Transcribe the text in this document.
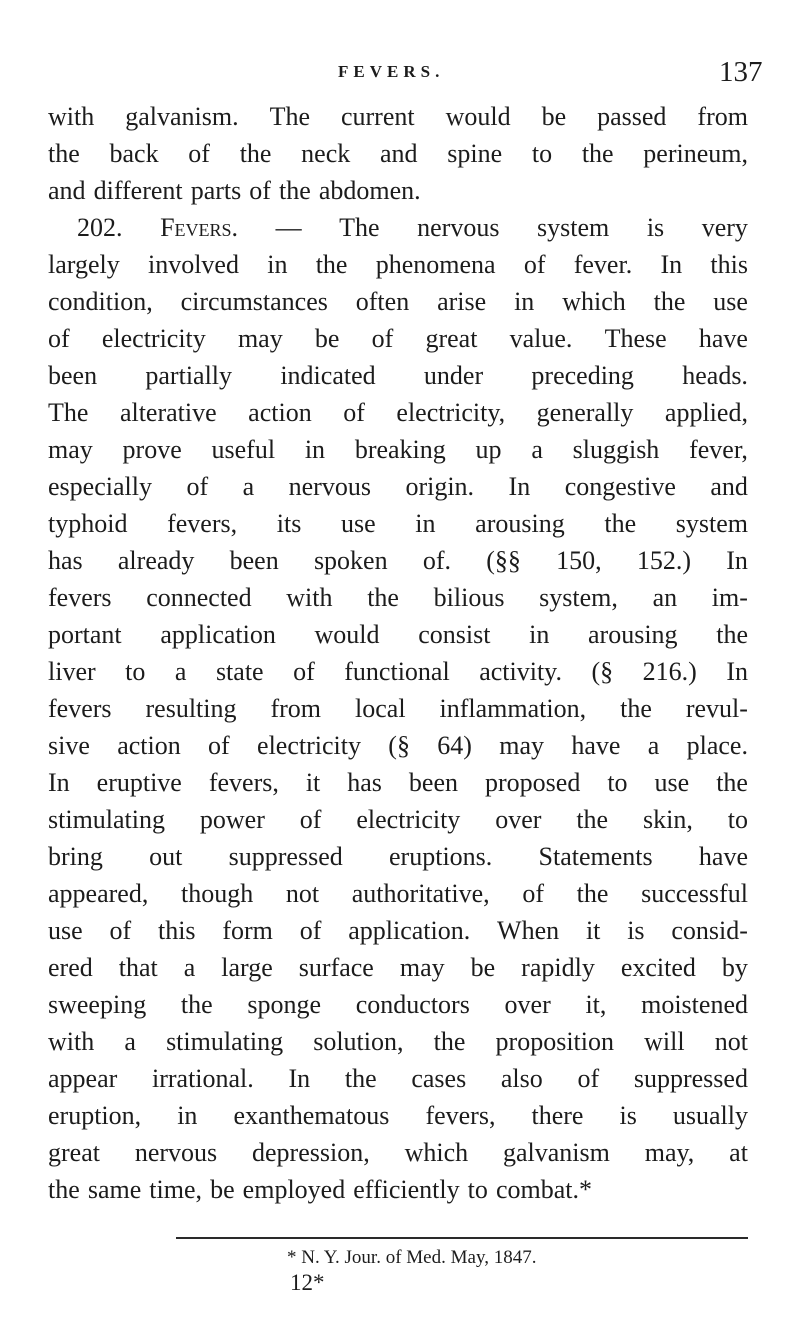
FEVERS.	137
with galvanism. The current would be passed from
the back of the neck and spine to the perineum,
and different parts of the abdomen.
202. Fevers. — The nervous system is very
largely involved in the phenomena of fever. In this
condition, circumstances often arise in which the use
of electricity may be of great value. These have
been partially indicated under preceding heads.
The alterative action of electricity, generally applied,
may prove useful in breaking up a sluggish fever,
especially of a nervous origin. In congestive and
typhoid fevers, its use in arousing the system
has already been spoken of. (§§ 150, 152.) In
fevers connected with the bilious system, an im-
portant application would consist in arousing the
liver to a state of functional activity. (§ 216.) In
fevers resulting from local inflammation, the revul-
sive action of electricity (§ 64) may have a place.
In eruptive fevers, it has been proposed to use the
stimulating power of electricity over the skin, to
bring out suppressed eruptions. Statements have
appeared, though not authoritative, of the successful
use of this form of application. When it is consid-
ered that a large surface may be rapidly excited by
sweeping the sponge conductors over it, moistened
with a stimulating solution, the proposition will not
appear irrational. In the cases also of suppressed
eruption, in exanthematous fevers, there is usually
great nervous depression, which galvanism may, at
the same time, be employed efficiently to combat.*
* N. Y. Jour. of Med. May, 1847.
12*
